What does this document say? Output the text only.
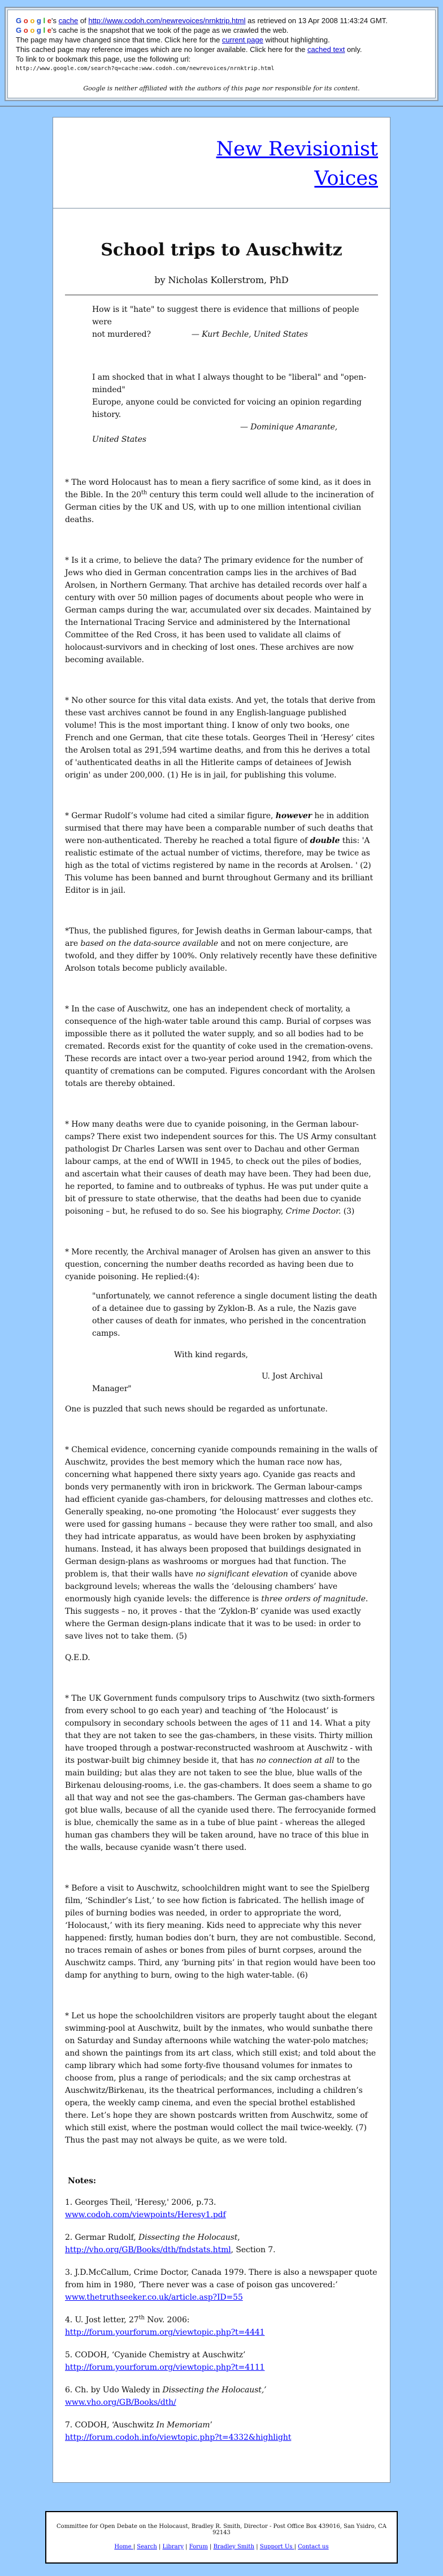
G o o g l e's cache of http://www.codoh.com/newrevoices/nrnktrip.html as retrieved on 13 Apr 2008 11:43:24 GMT.
G o o g l e's cache is the snapshot that we took of the page as we crawled the web.
The page may have changed since that time. Click here for the current page without highlighting.
This cached page may reference images which are no longer available. Click here for the cached text only.
To link to or bookmark this page, use the following url:
http://www.google.com/search?q=cache:www.codoh.com/newrevoices/nrnktrip.html
Google is neither affiliated with the authors of this page nor responsible for its content.
New Revisionist
Voices
School trips to Auschwitz
by Nicholas Kollerstrom, PhD
How is it "hate" to suggest there is evidence that millions of people were
not murdered?	— Kurt Bechle, United States
I am shocked that in what I always thought to be "liberal" and "open-minded"
Europe, anyone could be convicted for voicing an opinion regarding history.
— Dominique Amarante,
United States

* The word Holocaust has to mean a fiery sacrifice of some kind, as it does in the Bible. In the 20th century this term could well allude to the incineration of German cities by the UK and US, with up to one million intentional civilian deaths.

* Is it a crime, to believe the data? The primary evidence for the number of Jews who died in German concentration camps lies in the archives of Bad Arolsen, in Northern Germany. That archive has detailed records over half a century with over 50 million pages of documents about people who were in German camps during the war, accumulated over six decades. Maintained by the International Tracing Service and administered by the International Committee of the Red Cross, it has been used to validate all claims of holocaust-survivors and in checking of lost ones. These archives are now becoming available.

* No other source for this vital data exists. And yet, the totals that derive from these vast archives cannot be found in any English-language published volume! This is the most important thing. I know of only two books, one French and one German, that cite these totals. Georges Theil in ‘Heresy’ cites the Arolsen total as 291,594 wartime deaths, and from this he derives a total of 'authenticated deaths in all the Hitlerite camps of detainees of Jewish origin' as under 200,000. (1) He is in jail, for publishing this volume.

* Germar Rudolf’s volume had cited a similar figure, however he in addition surmised that there may have been a comparable number of such deaths that were non-authenticated. Thereby he reached a total figure of double this: 'A realistic estimate of the actual number of victims, therefore, may be twice as high as the total of victims registered by name in the records at Arolsen. ' (2) This volume has been banned and burnt throughout Germany and its brilliant Editor is in jail.

*Thus, the published figures, for Jewish deaths in German labour-camps, that are based on the data-source available and not on mere conjecture, are twofold, and they differ by 100%. Only relatively recently have these definitive Arolson totals become publicly available.

* In the case of Auschwitz, one has an independent check of mortality, a consequence of the high-water table around this camp. Burial of corpses was impossible there as it polluted the water supply, and so all bodies had to be cremated. Records exist for the quantity of coke used in the cremation-ovens. These records are intact over a two-year period around 1942, from which the quantity of cremations can be computed. Figures concordant with the Arolsen totals are thereby obtained.

* How many deaths were due to cyanide poisoning, in the German labour-camps? There exist two independent sources for this. The US Army consultant pathologist Dr Charles Larsen was sent over to Dachau and other German labour camps, at the end of WWII in 1945, to check out the piles of bodies, and ascertain what their causes of death may have been. They had been due, he reported, to famine and to outbreaks of typhus. He was put under quite a bit of pressure to state otherwise, that the deaths had been due to cyanide poisoning – but, he refused to do so. See his biography, Crime Doctor. (3)

* More recently, the Archival manager of Arolsen has given an answer to this question, concerning the number deaths recorded as having been due to cyanide poisoning. He replied:(4):

"unfortunately, we cannot reference a single document listing the death of a detainee due to gassing by Zyklon-B. As a rule, the Nazis gave other causes of death for inmates, who perished in the concentration camps.
With kind regards,
U. Jost Archival
Manager"

One is puzzled that such news should be regarded as unfortunate.

* Chemical evidence, concerning cyanide compounds remaining in the walls of Auschwitz, provides the best memory which the human race now has, concerning what happened there sixty years ago. Cyanide gas reacts and bonds very permanently with iron in brickwork. The German labour-camps had efficient cyanide gas-chambers, for delousing mattresses and clothes etc. Generally speaking, no-one promoting ‘the Holocaust’ ever suggests they were used for gassing humans – because they were rather too small, and also they had intricate apparatus, as would have been broken by asphyxiating humans. Instead, it has always been proposed that buildings designated in German design-plans as washrooms or morgues had that function. The problem is, that their walls have no significant elevation of cyanide above background levels; whereas the walls the ‘delousing chambers’ have enormously high cyanide levels: the difference is three orders of magnitude. This suggests – no, it proves - that the ‘Zyklon-B’ cyanide was used exactly where the German design-plans indicate that it was to be used: in order to save lives not to take them. (5)

Q.E.D.

* The UK Government funds compulsory trips to Auschwitz (two sixth-formers from every school to go each year) and teaching of ‘the Holocaust’ is compulsory in secondary schools between the ages of 11 and 14. What a pity that they are not taken to see the gas-chambers, in these visits. Thirty million have trooped through a postwar-reconstructed washroom at Auschwitz - with its postwar-built big chimney beside it, that has no connection at all to the main building; but alas they are not taken to see the blue, blue walls of the Birkenau delousing-rooms, i.e. the gas-chambers. It does seem a shame to go all that way and not see the gas-chambers. The German gas-chambers have got blue walls, because of all the cyanide used there. The ferrocyanide formed is blue, chemically the same as in a tube of blue paint - whereas the alleged human gas chambers they will be taken around, have no trace of this blue in the walls, because cyanide wasn’t there used.

* Before a visit to Auschwitz, schoolchildren might want to see the Spielberg film, ‘Schindler’s List,’ to see how fiction is fabricated. The hellish image of piles of burning bodies was needed, in order to appropriate the word, ‘Holocaust,’ with its fiery meaning. Kids need to appreciate why this never happened: firstly, human bodies don’t burn, they are not combustible. Second, no traces remain of ashes or bones from piles of burnt corpses, around the Auschwitz camps. Third, any ‘burning pits’ in that region would have been too damp for anything to burn, owing to the high water-table. (6)

* Let us hope the schoolchildren visitors are properly taught about the elegant swimming-pool at Auschwitz, built by the inmates, who would sunbathe there on Saturday and Sunday afternoons while watching the water-polo matches; and shown the paintings from its art class, which still exist; and told about the camp library which had some forty-five thousand volumes for inmates to choose from, plus a range of periodicals; and the six camp orchestras at Auschwitz/Birkenau, its the theatrical performances, including a children’s opera, the weekly camp cinema, and even the special brothel established there. Let’s hope they are shown postcards written from Auschwitz, some of which still exist, where the postman would collect the mail twice-weekly. (7) Thus the past may not always be quite, as we were told.

Notes:
1. Georges Theil, 'Heresy,' 2006, p.73.
www.codoh.com/viewpoints/Heresy1.pdf
2. Germar Rudolf, Dissecting the Holocaust,
http://vho.org/GB/Books/dth/fndstats.html, Section 7.
3. J.D.McCallum, Crime Doctor, Canada 1979. There is also a newspaper quote from him in 1980, ‘There never was a case of poison gas uncovered:’
www.thetruthseeker.co.uk/article.asp?ID=55
4. U. Jost letter, 27th Nov. 2006:
http://forum.yourforum.org/viewtopic.php?t=4441
5. CODOH, ‘Cyanide Chemistry at Auschwitz’
http://forum.yourforum.org/viewtopic.php?t=4111
6. Ch. by Udo Waledy in Dissecting the Holocaust,’
www.vho.org/GB/Books/dth/
7. CODOH, ‘Auschwitz In Memoriam’
http://forum.codoh.info/viewtopic.php?t=4332&highlight
Committee for Open Debate on the Holocaust, Bradley R. Smith, Director - Post Office Box 439016, San Ysidro, CA 92143
Home | Search | Library | Forum | Bradley Smith | Support Us | Contact us
